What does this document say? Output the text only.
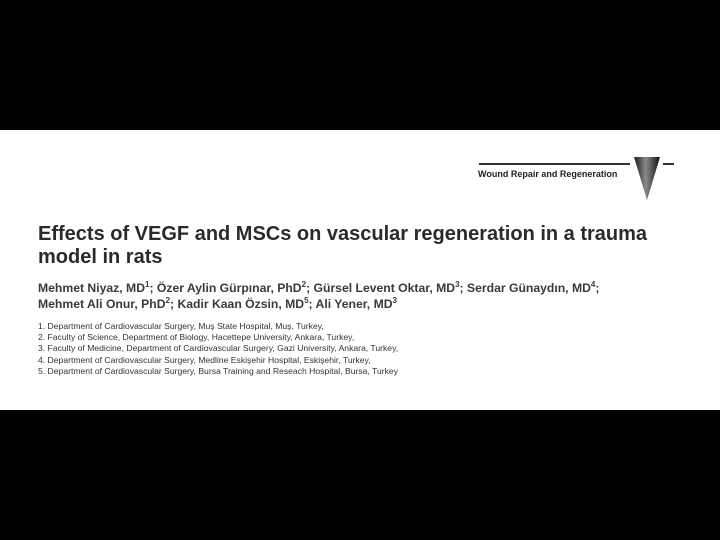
Wound Repair and Regeneration
Effects of VEGF and MSCs on vascular regeneration in a trauma model in rats
Mehmet Niyaz, $MD^1$; Özer Aylin Gürpınar, PhD$^2$; Gürsel Levent Oktar, $MD^3$; Serdar Günaydın, $MD^4$;
Mehmet Ali Onur, PhD$^2$; Kadir Kaan Özsin, $MD^5$; Ali Yener, $MD^3$
1. Department of Cardiovascular Surgery, Muş State Hospital, Muş, Turkey,
2. Faculty of Science, Department of Biology, Hacettepe University, Ankara, Turkey,
3. Faculty of Medicine, Department of Cardiovascular Surgery, Gazi University, Ankara, Turkey,
4. Department of Cardiovascular Surgery, Medline Eskişehir Hospital, Eskişehir, Turkey,
5. Department of Cardiovascular Surgery, Bursa Training and Reseach Hospital, Bursa, Turkey
